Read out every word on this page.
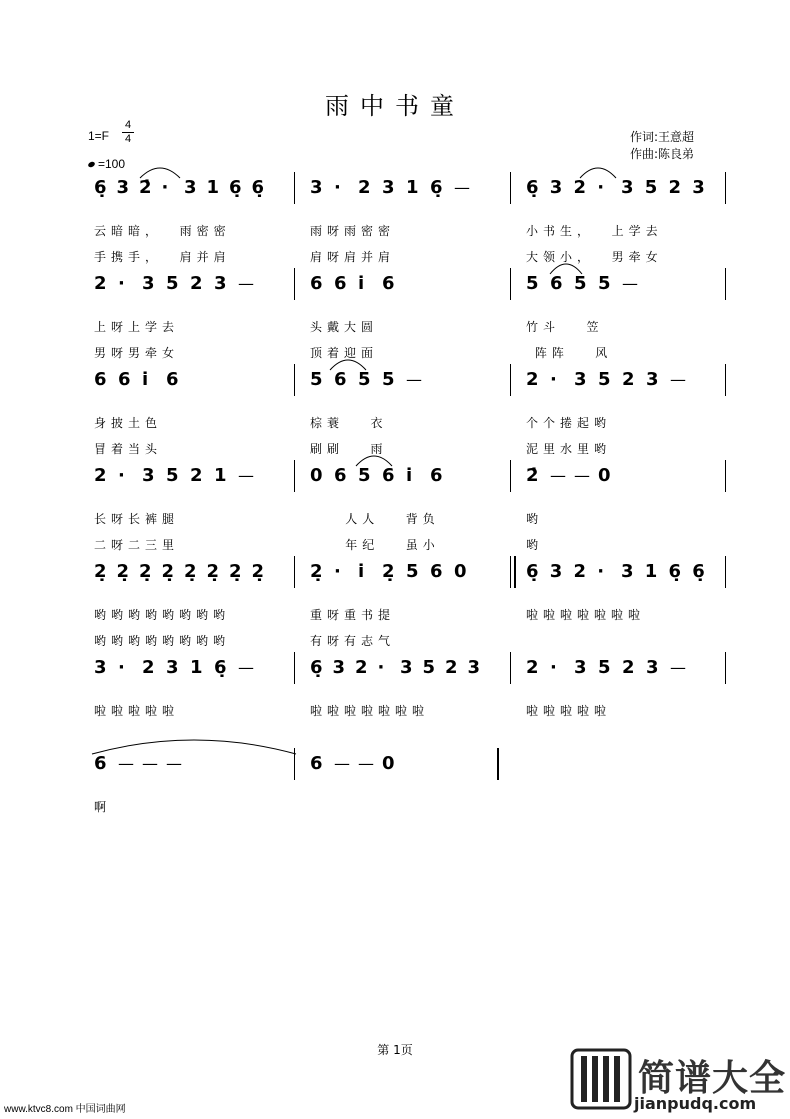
雨中书童
1=F
4
4
=100
作词:王意超
作曲:陈良弟
6̣ 3 2̇ · 3 1 6̣ 6̣	3 · 2 3 1 6̣ —	6̣ 3 2 · 3 5 2 3
云暗暗，  雨密密	雨呀雨密密	小书生，  上学去
手携手，  肩并肩	肩呀肩并肩	大领小，  男牵女
2 · 3 5 2 3 —	6 6 i̇ 6	5 6 5 5 —
上呀上学去	头戴大圆	竹斗   笠
男呀男牵女	顶着迎面	阵阵   风
6 6 i̇ 6	5 6 5 5 —	2 · 3 5 2 3 —
身披土色	棕蓑   衣	个个捲起哟
冒着当头	刷刷   雨	泥里水里哟
2 · 3 5 2 1 —	0 6 5 6 i̇ 6	2̇ — — 0
长呀长裤腿	人人   背负	哟
二呀二三里	年纪   虽小	哟
2̣ 2̣ 2̣ 2̣ 2̣ 2̣ 2̣ 2̣	2̣ · i̇ 2̣ 5 6 0	6̣ 3 2 · 3 1 6̣ 6̣
哟哟哟哟哟哟哟哟	重呀重书提	啦啦啦啦啦啦啦
哟哟哟哟哟哟哟哟	有呀有志气
3 · 2 3 1 6̣ —	6̣ 3 2 · 3 5 2 3	2 · 3 5 2 3 —
啦啦啦啦啦	啦啦啦啦啦啦啦	啦啦啦啦啦
6 — — —	6 — — 0
啊
第 1页
www.ktvc8.com 中国词曲网
简谱大全
jianpudq.com
